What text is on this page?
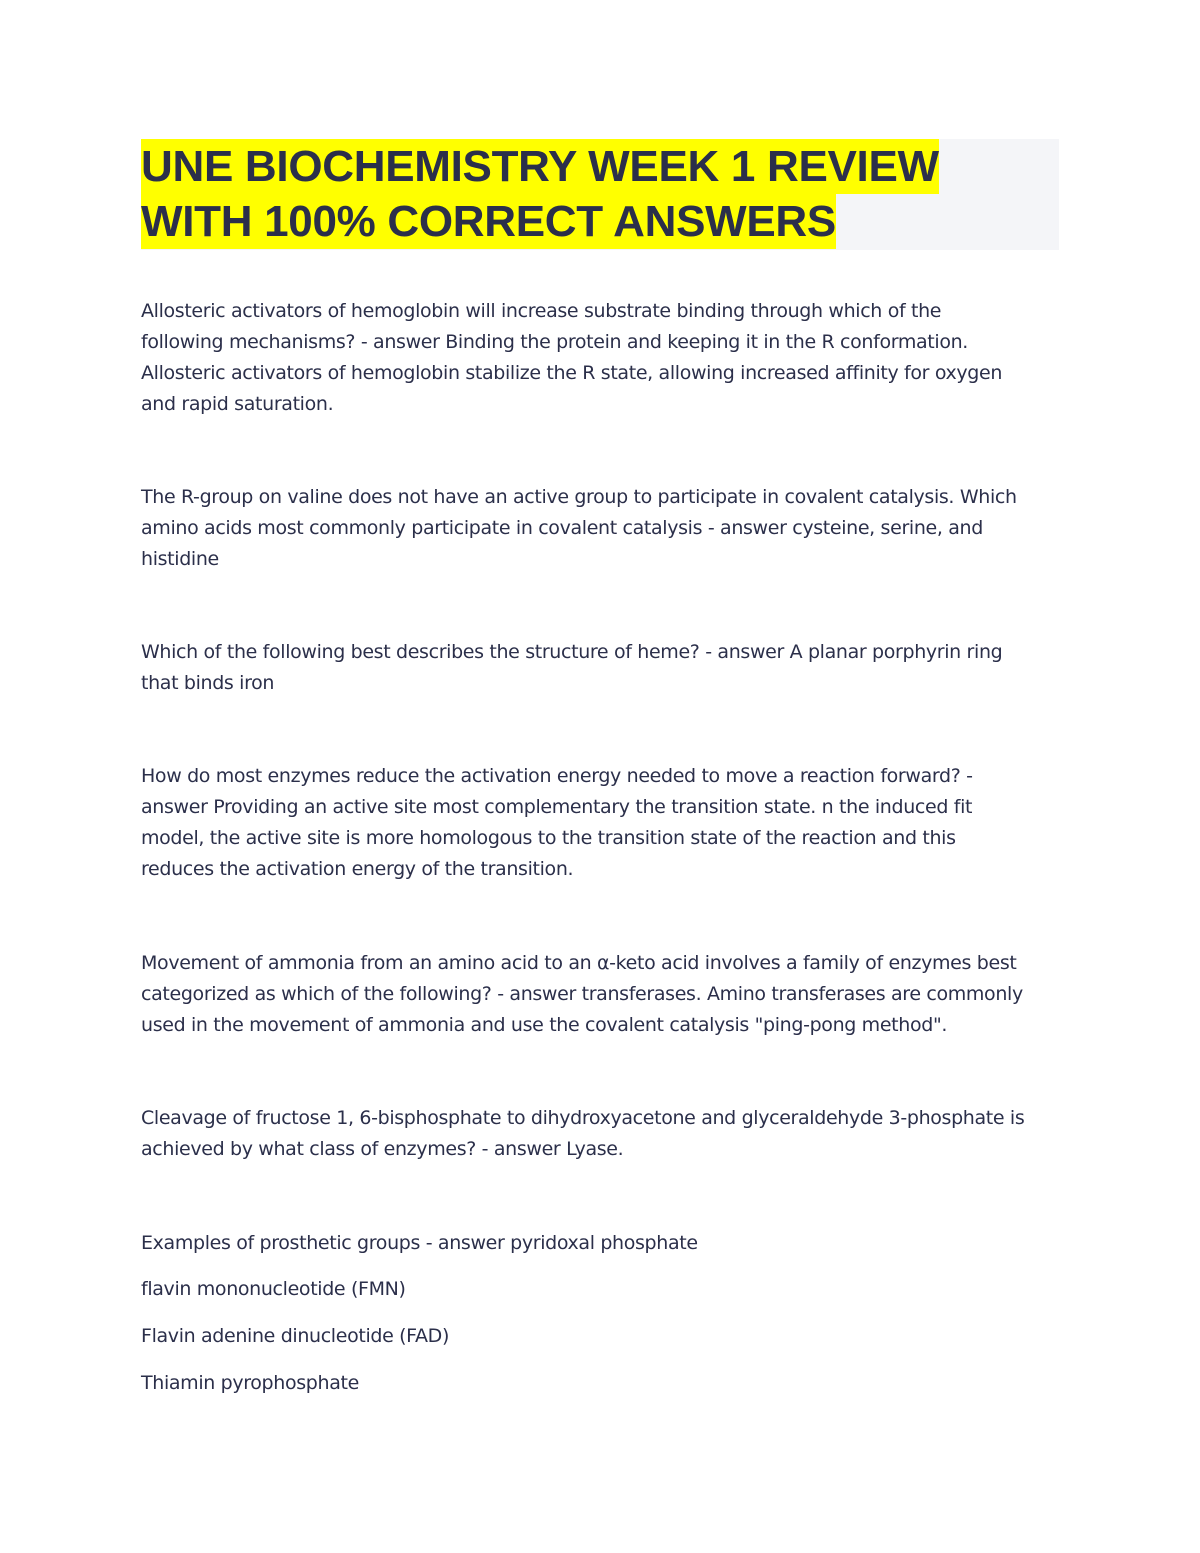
UNE BIOCHEMISTRY WEEK 1 REVIEW
WITH 100% CORRECT ANSWERS

Allosteric activators of hemoglobin will increase substrate binding through which of the
following mechanisms? - answer Binding the protein and keeping it in the R conformation.
Allosteric activators of hemoglobin stabilize the R state, allowing increased affinity for oxygen
and rapid saturation.

The R-group on valine does not have an active group to participate in covalent catalysis. Which
amino acids most commonly participate in covalent catalysis - answer cysteine, serine, and
histidine

Which of the following best describes the structure of heme? - answer A planar porphyrin ring
that binds iron

How do most enzymes reduce the activation energy needed to move a reaction forward? -
answer Providing an active site most complementary the transition state. n the induced fit
model, the active site is more homologous to the transition state of the reaction and this
reduces the activation energy of the transition.

Movement of ammonia from an amino acid to an α-keto acid involves a family of enzymes best
categorized as which of the following? - answer transferases. Amino transferases are commonly
used in the movement of ammonia and use the covalent catalysis "ping-pong method".

Cleavage of fructose 1, 6-bisphosphate to dihydroxyacetone and glyceraldehyde 3-phosphate is
achieved by what class of enzymes? - answer Lyase.

Examples of prosthetic groups - answer pyridoxal phosphate

flavin mononucleotide (FMN)

Flavin adenine dinucleotide (FAD)

Thiamin pyrophosphate
